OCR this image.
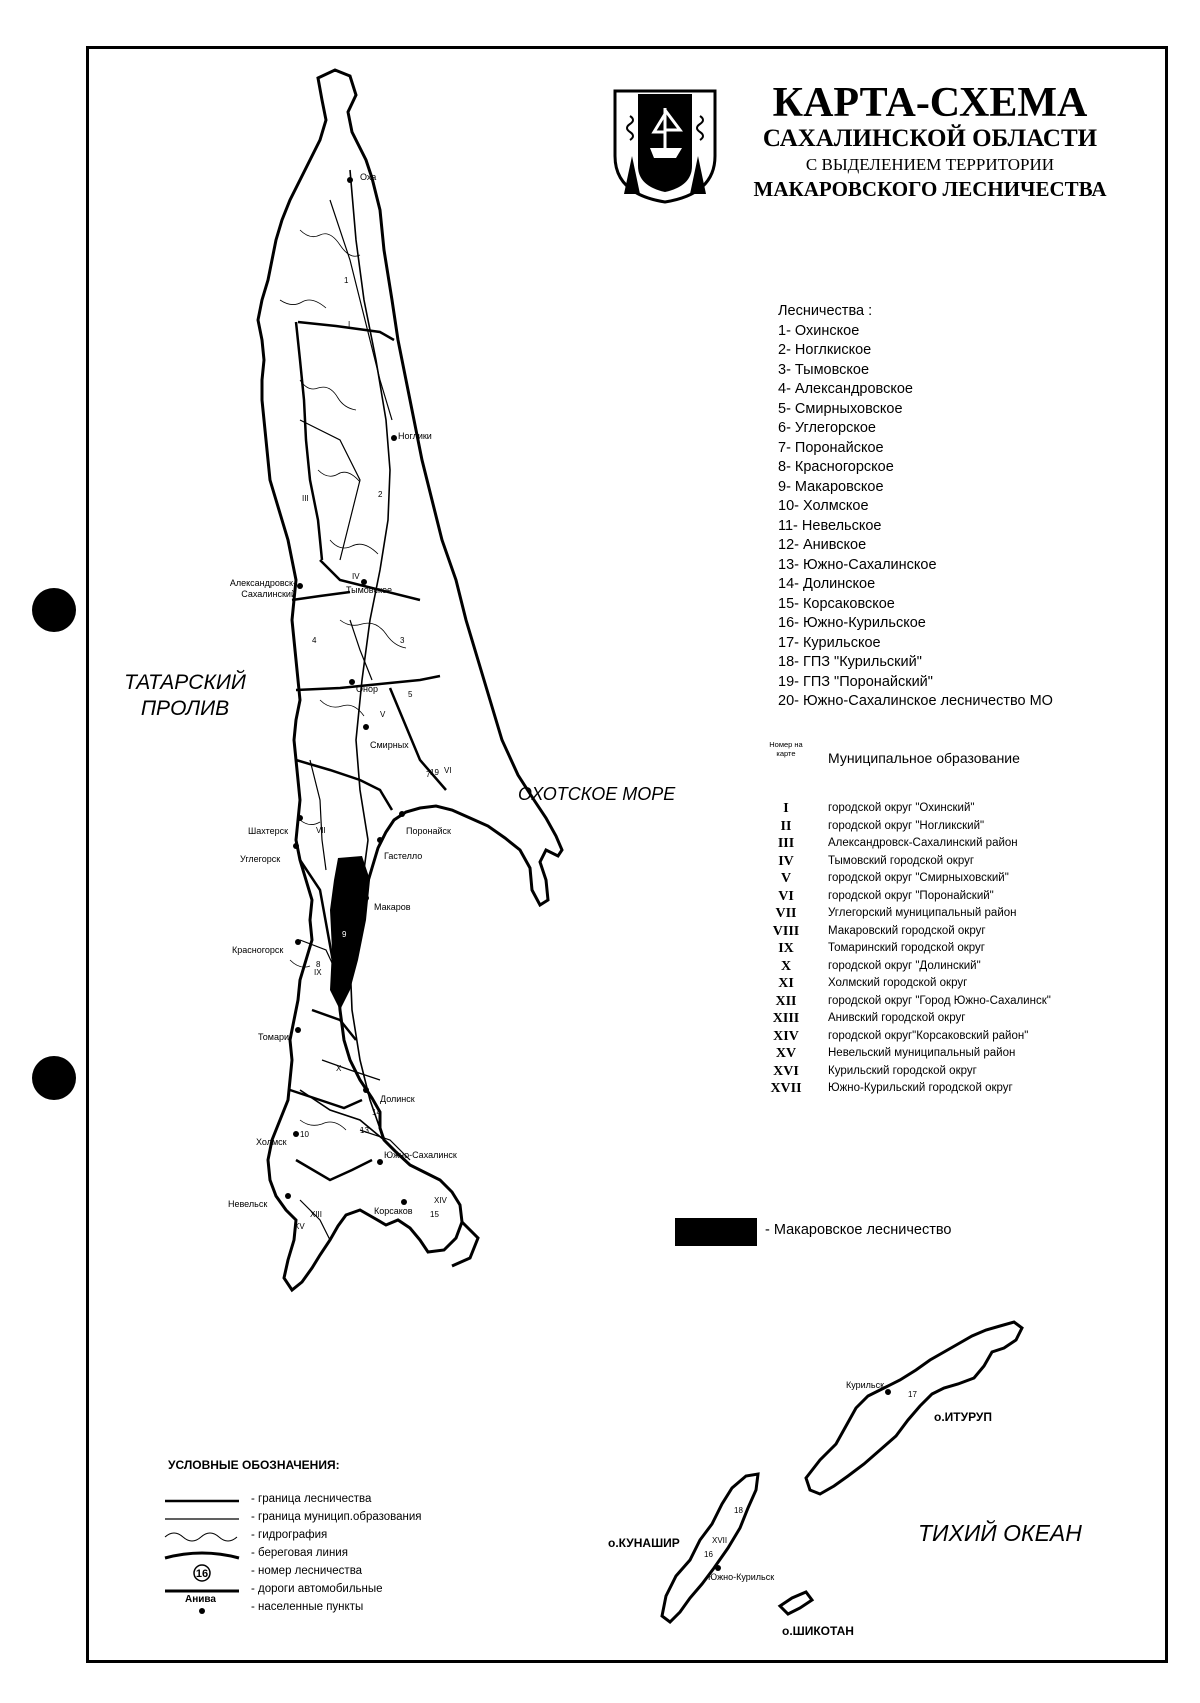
КАРТА-СХЕМА
САХАЛИНСКОЙ ОБЛАСТИ
С ВЫДЕЛЕНИЕМ ТЕРРИТОРИИ
МАКАРОВСКОГО ЛЕСНИЧЕСТВА
Лесничества :
1- Охинское
2- Ноглкиское
3- Тымовское
4- Александровское
5- Смирныховское
6- Углегорское
7- Поронайское
8- Красногорское
9- Макаровское
10- Холмское
11- Невельское
12- Анивское
13- Южно-Сахалинское
14- Долинское
15- Корсаковское
16- Южно-Курильское
17- Курильское
18- ГПЗ "Курильский"
19- ГПЗ "Поронайский"
20- Южно-Сахалинское лесничество МО
Номер на карте	Муниципальное образование
I	городской округ "Охинский"
II	городской округ "Ногликский"
III	Александровск-Сахалинский район
IV	Тымовский городской округ
V	городской округ "Смирныховский"
VI	городской округ "Поронайский"
VII	Углегорский муниципальный район
VIII	Макаровский городской округ
IX	Томаринский городской округ
X	городской округ "Долинский"
XI	Холмский городской округ
XII	городской округ "Город Южно-Сахалинск"
XIII	Анивский городской округ
XIV	городской округ"Корсаковский район"
XV	Невельский муниципальный район
XVI	Курильский городской округ
XVII Южно-Курильский городской округ
- Макаровское лесничество
ТАТАРСКИЙ
ПРОЛИВ
ОХОТСКОЕ МОРЕ
ТИХИЙ ОКЕАН
Оха
Ноглики
Александровск-
Сахалинский	Тымовское
Онор
Смирных
Поронайск
Гастелло
Шахтерск
Углегорск
Макаров
Красногорск
Томари
Долинск
Холмск
Южно-Сахалинск
Невельск
Корсаков
Курильск
Южно-Курильск
о.ИТУРУП
о.КУНАШИР
о.ШИКОТАН
1
2
3
4
5
7
8
9
10	13
14
15
16
17
18
19
I
III
IV
V
VI
VII
IX
X
XIII
XIV
XV
XVII
УСЛОВНЫЕ ОБОЗНАЧЕНИЯ:
- граница лесничества
- граница муницип.образования
- гидрография
- береговая линия
16	- номер лесничества
- дороги автомобильные
Анива
- населенные пункты
